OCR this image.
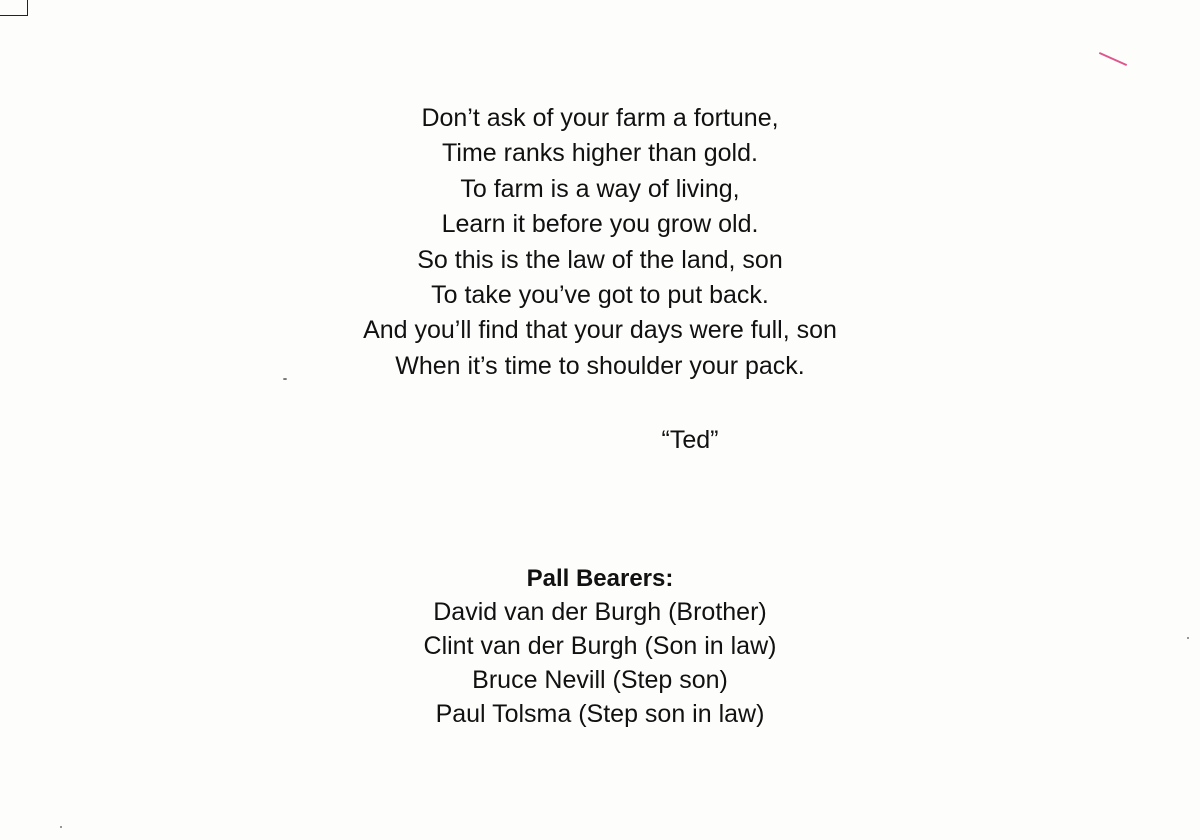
Don’t ask of your farm a fortune,
Time ranks higher than gold.
To farm is a way of living,
Learn it before you grow old.
So this is the law of the land, son
To take you’ve got to put back.
And you’ll find that your days were full, son
When it’s time to shoulder your pack.
“Ted”
Pall Bearers:
David van der Burgh (Brother)
Clint van der Burgh (Son in law)
Bruce Nevill (Step son)
Paul Tolsma (Step son in law)
